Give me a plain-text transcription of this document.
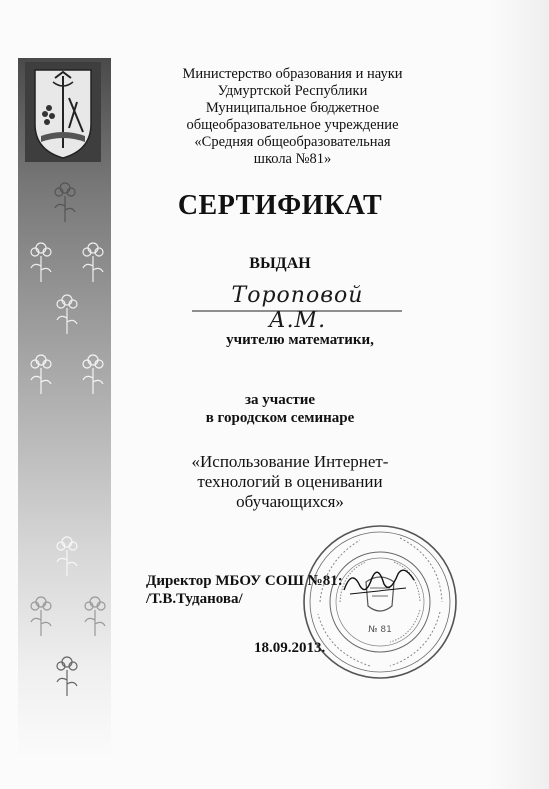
Министерство образования и науки
Удмуртской Республики
Муниципальное бюджетное
общеобразовательное учреждение
«Средняя общеобразовательная
школа №81»
СЕРТИФИКАТ
ВЫДАН
Тороповой А.М.
учителю математики,
за участие
в городском семинаре
«Использование Интернет-
технологий в оценивании
обучающихся»
Директор МБОУ СОШ №81:
/Т.В.Туданова/
18.09.2013.
№ 81
